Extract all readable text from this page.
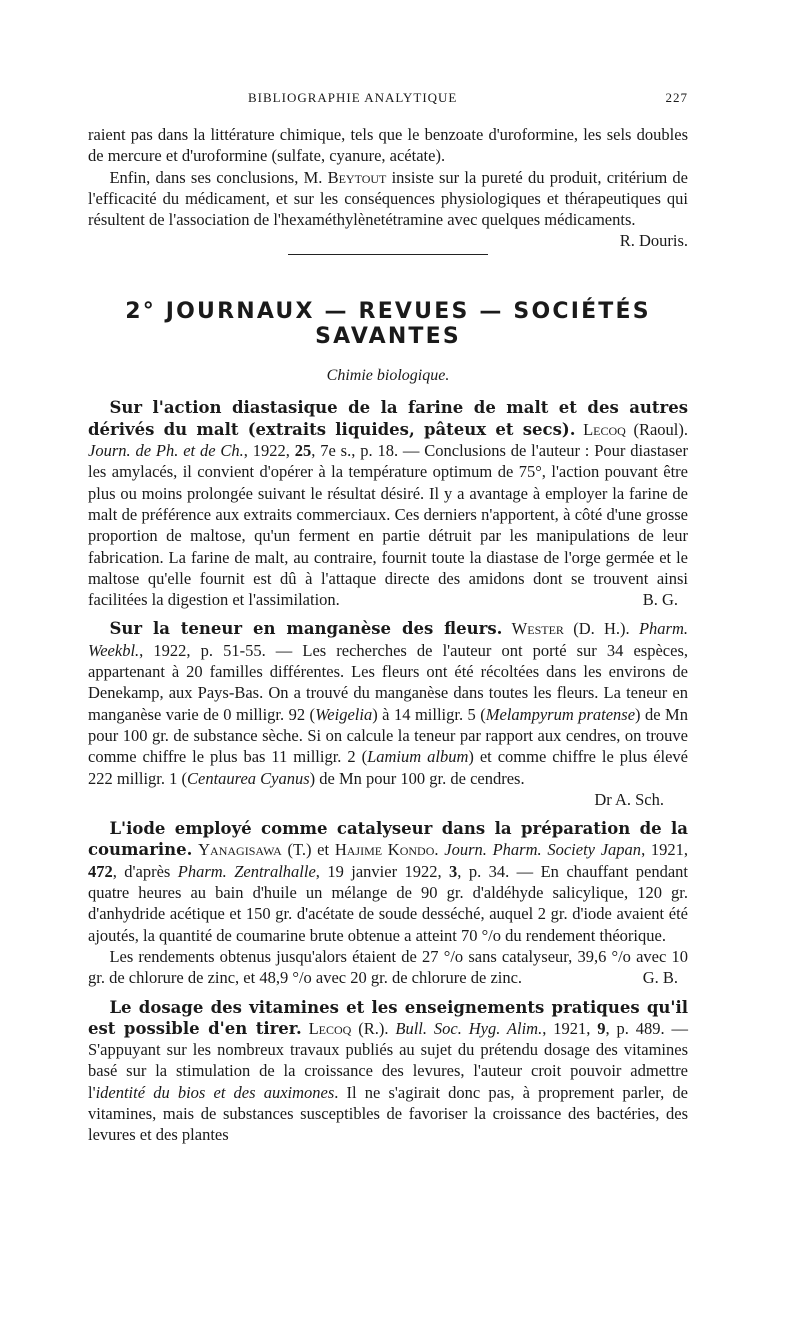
BIBLIOGRAPHIE ANALYTIQUE	227

raient pas dans la littérature chimique, tels que le benzoate d'uroformine, les sels doubles de mercure et d'uroformine (sulfate, cyanure, acétate).

Enfin, dans ses conclusions, M. Beytout insiste sur la pureté du produit, critérium de l'efficacité du médicament, et sur les conséquences physiologiques et thérapeutiques qui résultent de l'association de l'hexaméthylènetétramine avec quelques médicaments.
R. Douris.

2° JOURNAUX — REVUES — SOCIÉTÉS SAVANTES
Chimie biologique.

Sur l'action diastasique de la farine de malt et des autres dérivés du malt (extraits liquides, pâteux et secs). Lecoq (Raoul). Journ. de Ph. et de Ch., 1922, 25, 7e s., p. 18. — Conclusions de l'auteur : Pour diastaser les amylacés, il convient d'opérer à la température optimum de 75°, l'action pouvant être plus ou moins prolongée suivant le résultat désiré. Il y a avantage à employer la farine de malt de préférence aux extraits commerciaux. Ces derniers n'apportent, à côté d'une grosse proportion de maltose, qu'un ferment en partie détruit par les manipulations de leur fabrication. La farine de malt, au contraire, fournit toute la diastase de l'orge germée et le maltose qu'elle fournit est dû à l'attaque directe des amidons dont se trouvent ainsi facilitées la digestion et l'assimilation.	B. G.

Sur la teneur en manganèse des fleurs. Wester (D. H.). Pharm. Weekbl., 1922, p. 51-55. — Les recherches de l'auteur ont porté sur 34 espèces, appartenant à 20 familles différentes. Les fleurs ont été récoltées dans les environs de Denekamp, aux Pays-Bas. On a trouvé du manganèse dans toutes les fleurs. La teneur en manganèse varie de 0 milligr. 92 (Weigelia) à 14 milligr. 5 (Melampyrum pratense) de Mn pour 100 gr. de substance sèche. Si on calcule la teneur par rapport aux cendres, on trouve comme chiffre le plus bas 11 milligr. 2 (Lamium album) et comme chiffre le plus élevé 222 milligr. 1 (Centaurea Cyanus) de Mn pour 100 gr. de cendres.
Dr A. Sch.

L'iode employé comme catalyseur dans la préparation de la coumarine. Yanagisawa (T.) et Hajime Kondo. Journ. Pharm. Society Japan, 1921, 472, d'après Pharm. Zentralhalle, 19 janvier 1922, 3, p. 34. — En chauffant pendant quatre heures au bain d'huile un mélange de 90 gr. d'aldéhyde salicylique, 120 gr. d'anhydride acétique et 150 gr. d'acétate de soude desséché, auquel 2 gr. d'iode avaient été ajoutés, la quantité de coumarine brute obtenue a atteint 70 °/o du rendement théorique.

Les rendements obtenus jusqu'alors étaient de 27 °/o sans catalyseur, 39,6 °/o avec 10 gr. de chlorure de zinc, et 48,9 °/o avec 20 gr. de chlorure de zinc.	G. B.

Le dosage des vitamines et les enseignements pratiques qu'il est possible d'en tirer. Lecoq (R.). Bull. Soc. Hyg. Alim., 1921, 9, p. 489. — S'appuyant sur les nombreux travaux publiés au sujet du prétendu dosage des vitamines basé sur la stimulation de la croissance des levures, l'auteur croit pouvoir admettre l'identité du bios et des auximones. Il ne s'agirait donc pas, à proprement parler, de vitamines, mais de substances susceptibles de favoriser la croissance des bactéries, des levures et des plantes
